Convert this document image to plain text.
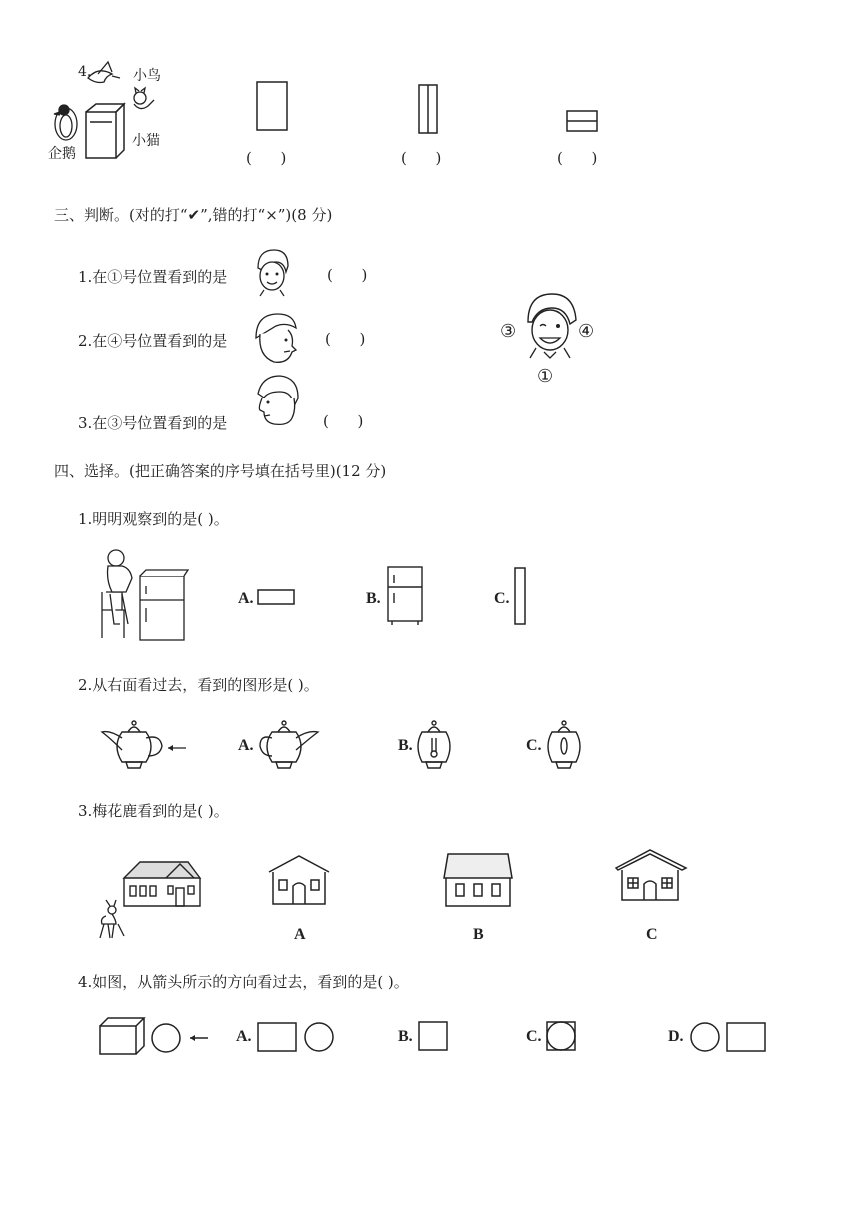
4.	小鸟
企鹅
小猫
(      )	(      )	(      )
三、判断。(对的打“✔”,错的打“×”)(8 分)
1.在①号位置看到的是	(      )
2.在④号位置看到的是	(      )
3.在③号位置看到的是	(      )
③	④
①
四、选择。(把正确答案的序号填在括号里)(12 分)
1.明明观察到的是( )。
A.	B.	C.
2.从右面看过去，看到的图形是( )。
A.	B.	C.
3.梅花鹿看到的是( )。
A	B	C
4.如图，从箭头所示的方向看过去，看到的是( )。
A.	B.	C.	D.
